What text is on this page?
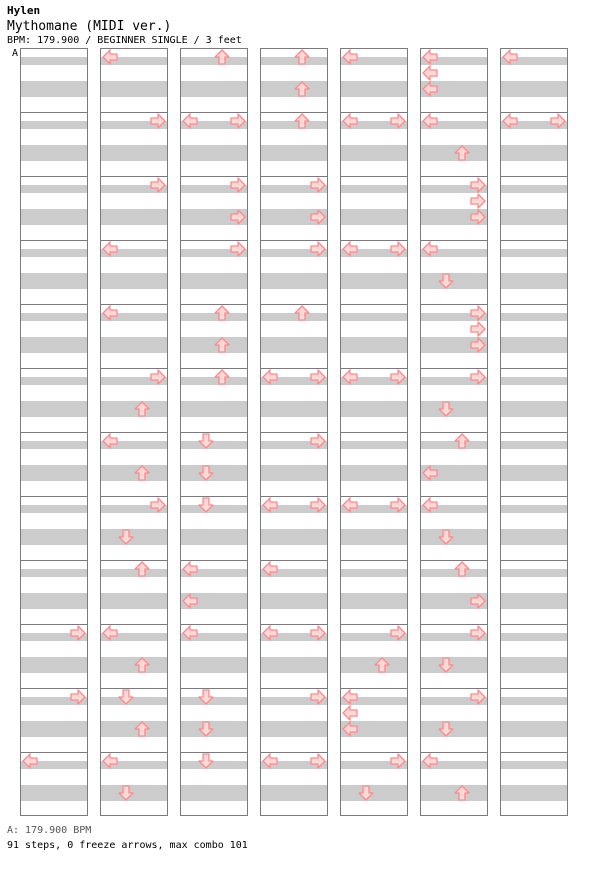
Hylen
Mythomane (MIDI ver.)
BPM: 179.900 / BEGINNER SINGLE / 3 feet
A
A: 179.900 BPM
91 steps, 0 freeze arrows, max combo 101
